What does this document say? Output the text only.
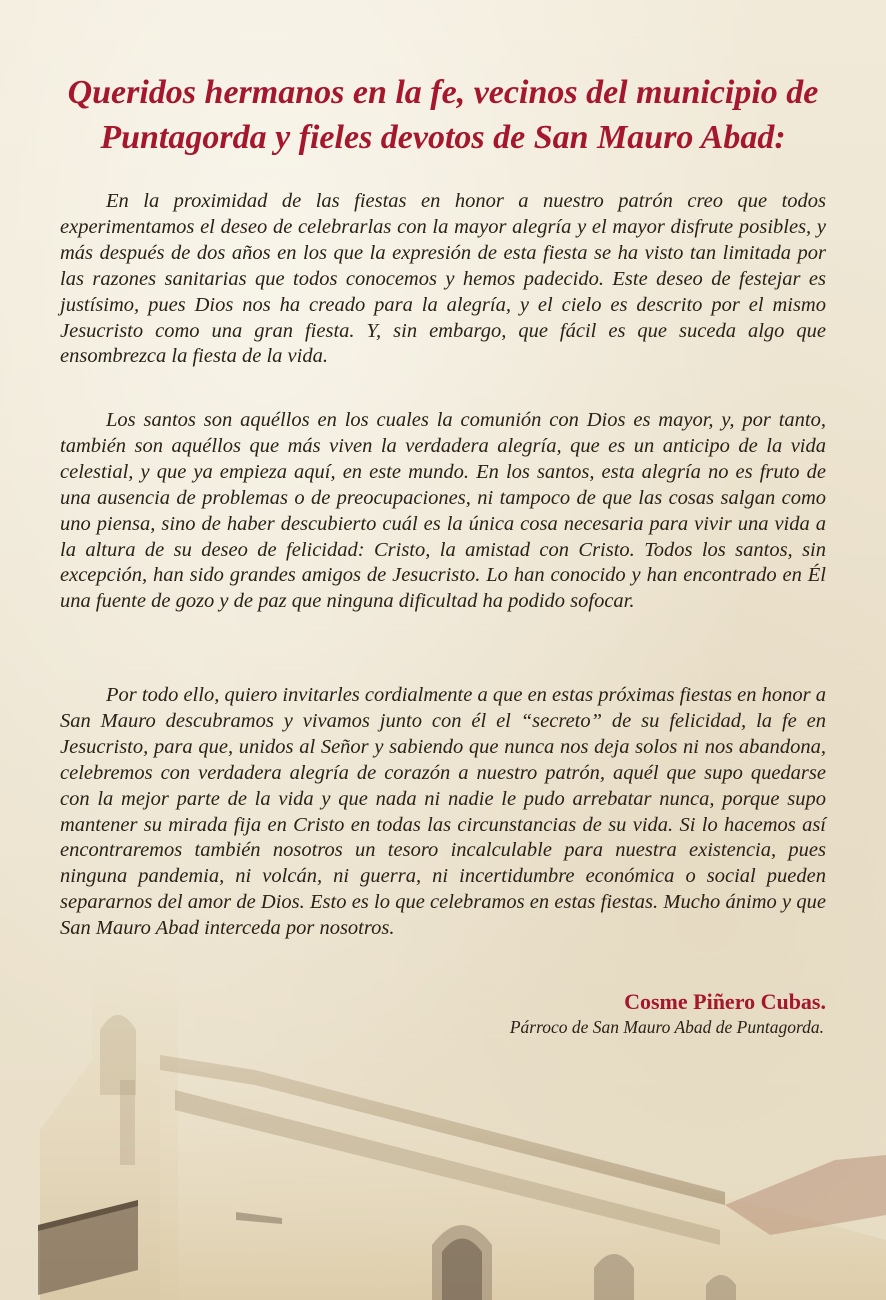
Queridos hermanos en la fe, vecinos del municipio de Puntagorda y fieles devotos de San Mauro Abad:

En la proximidad de las fiestas en honor a nuestro patrón creo que todos experimentamos el deseo de celebrarlas con la mayor alegría y el mayor disfrute posibles, y más después de dos años en los que la expresión de esta fiesta se ha visto tan limitada por las razones sanitarias que todos conocemos y hemos padecido. Este deseo de festejar es justísimo, pues Dios nos ha creado para la alegría, y el cielo es descrito por el mismo Jesucristo como una gran fiesta. Y, sin embargo, que fácil es que suceda algo que ensombrezca la fiesta de la vida.

Los santos son aquéllos en los cuales la comunión con Dios es mayor, y, por tanto, también son aquéllos que más viven la verdadera alegría, que es un anticipo de la vida celestial, y que ya empieza aquí, en este mundo. En los santos, esta alegría no es fruto de una ausencia de problemas o de preocupaciones, ni tampoco de que las cosas salgan como uno piensa, sino de haber descubierto cuál es la única cosa necesaria para vivir una vida a la altura de su deseo de felicidad: Cristo, la amistad con Cristo. Todos los santos, sin excepción, han sido grandes amigos de Jesucristo. Lo han conocido y han encontrado en Él una fuente de gozo y de paz que ninguna dificultad ha podido sofocar.

Por todo ello, quiero invitarles cordialmente a que en estas próximas fiestas en honor a San Mauro descubramos y vivamos junto con él el “secreto” de su felicidad, la fe en Jesucristo, para que, unidos al Señor y sabiendo que nunca nos deja solos ni nos abandona, celebremos con verdadera alegría de corazón a nuestro patrón, aquél que supo quedarse con la mejor parte de la vida y que nada ni nadie le pudo arrebatar nunca, porque supo mantener su mirada fija en Cristo en todas las circunstancias de su vida. Si lo hacemos así encontraremos también nosotros un tesoro incalculable para nuestra existencia, pues ninguna pandemia, ni volcán, ni guerra, ni incertidumbre económica o social pueden separarnos del amor de Dios. Esto es lo que celebramos en estas fiestas. Mucho ánimo y que San Mauro Abad interceda por nosotros.

Cosme Piñero Cubas.

Párroco de San Mauro Abad de Puntagorda.
